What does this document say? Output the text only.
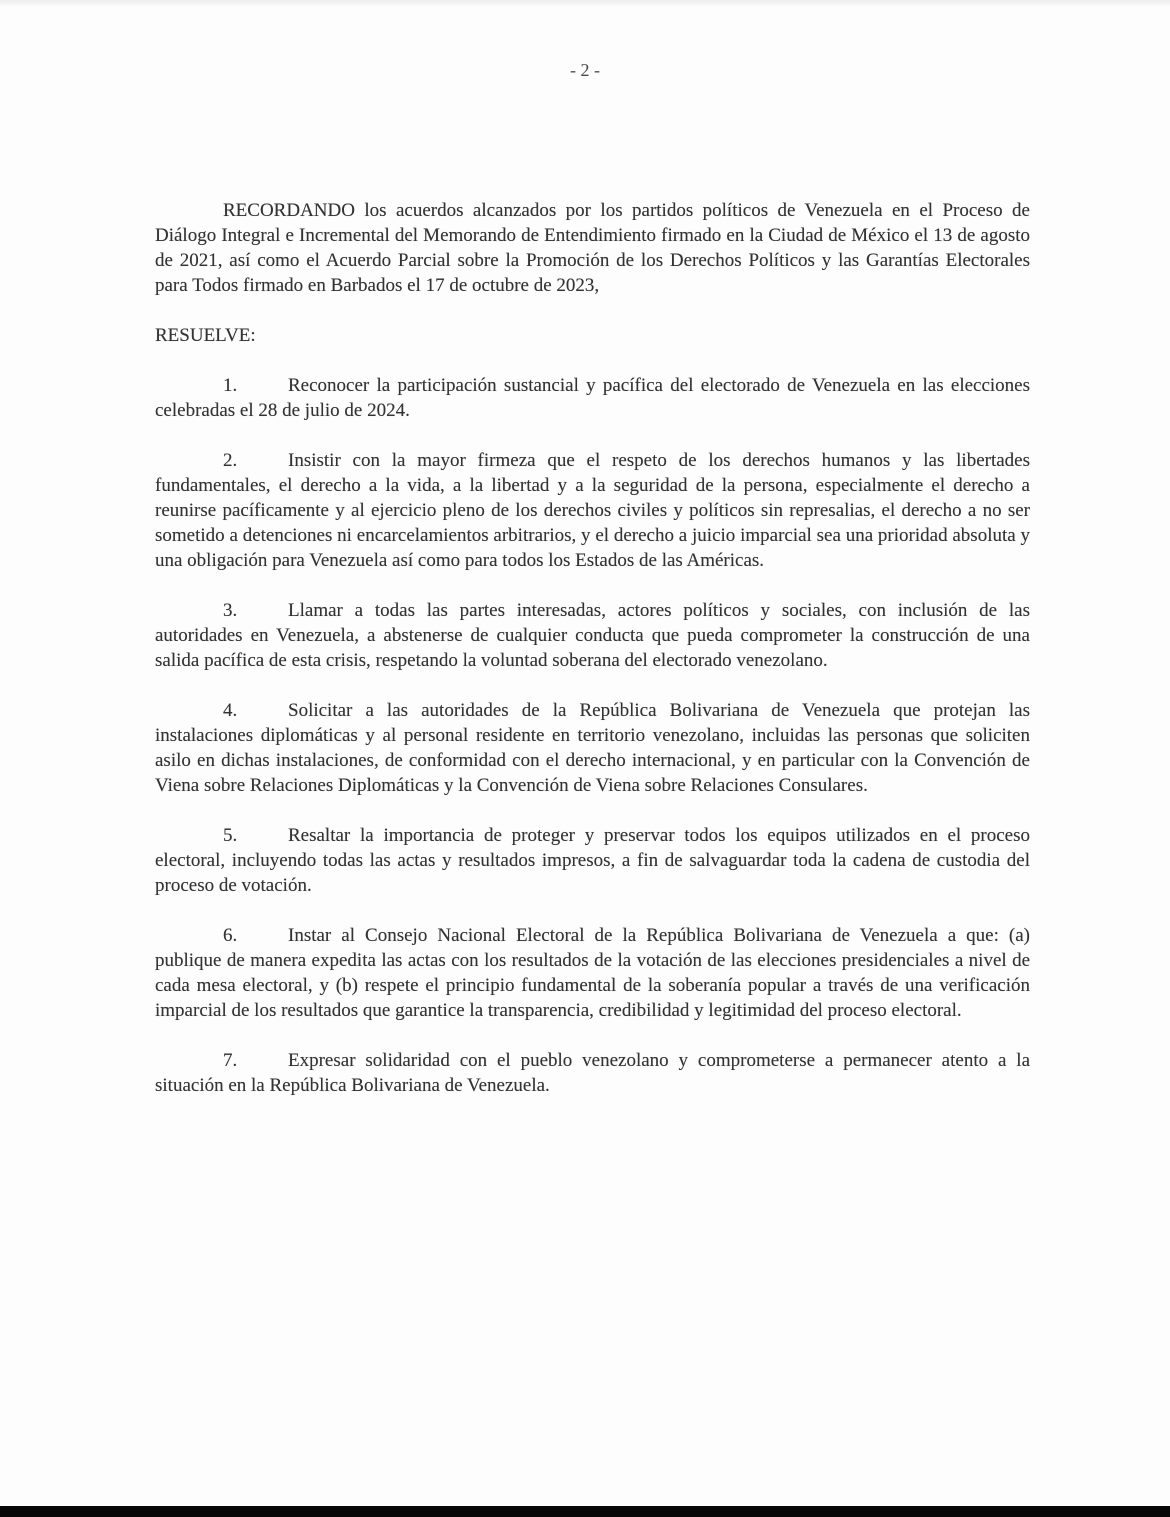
- 2 -

RECORDANDO los acuerdos alcanzados por los partidos políticos de Venezuela en el Proceso de Diálogo Integral e Incremental del Memorando de Entendimiento firmado en la Ciudad de México el 13 de agosto de 2021, así como el Acuerdo Parcial sobre la Promoción de los Derechos Políticos y las Garantías Electorales para Todos firmado en Barbados el 17 de octubre de 2023,

RESUELVE:

1.	Reconocer la participación sustancial y pacífica del electorado de Venezuela en las elecciones celebradas el 28 de julio de 2024.

2.	Insistir con la mayor firmeza que el respeto de los derechos humanos y las libertades fundamentales, el derecho a la vida, a la libertad y a la seguridad de la persona, especialmente el derecho a reunirse pacíficamente y al ejercicio pleno de los derechos civiles y políticos sin represalias, el derecho a no ser sometido a detenciones ni encarcelamientos arbitrarios, y el derecho a juicio imparcial sea una prioridad absoluta y una obligación para Venezuela así como para todos los Estados de las Américas.

3.	Llamar a todas las partes interesadas, actores políticos y sociales, con inclusión de las autoridades en Venezuela, a abstenerse de cualquier conducta que pueda comprometer la construcción de una salida pacífica de esta crisis, respetando la voluntad soberana del electorado venezolano.

4.	Solicitar a las autoridades de la República Bolivariana de Venezuela que protejan las instalaciones diplomáticas y al personal residente en territorio venezolano, incluidas las personas que soliciten asilo en dichas instalaciones, de conformidad con el derecho internacional, y en particular con la Convención de Viena sobre Relaciones Diplomáticas y la Convención de Viena sobre Relaciones Consulares.

5.	Resaltar la importancia de proteger y preservar todos los equipos utilizados en el proceso electoral, incluyendo todas las actas y resultados impresos, a fin de salvaguardar toda la cadena de custodia del proceso de votación.

6.	Instar al Consejo Nacional Electoral de la República Bolivariana de Venezuela a que: (a) publique de manera expedita las actas con los resultados de la votación de las elecciones presidenciales a nivel de cada mesa electoral, y (b) respete el principio fundamental de la soberanía popular a través de una verificación imparcial de los resultados que garantice la transparencia, credibilidad y legitimidad del proceso electoral.

7.	Expresar solidaridad con el pueblo venezolano y comprometerse a permanecer atento a la situación en la República Bolivariana de Venezuela.
